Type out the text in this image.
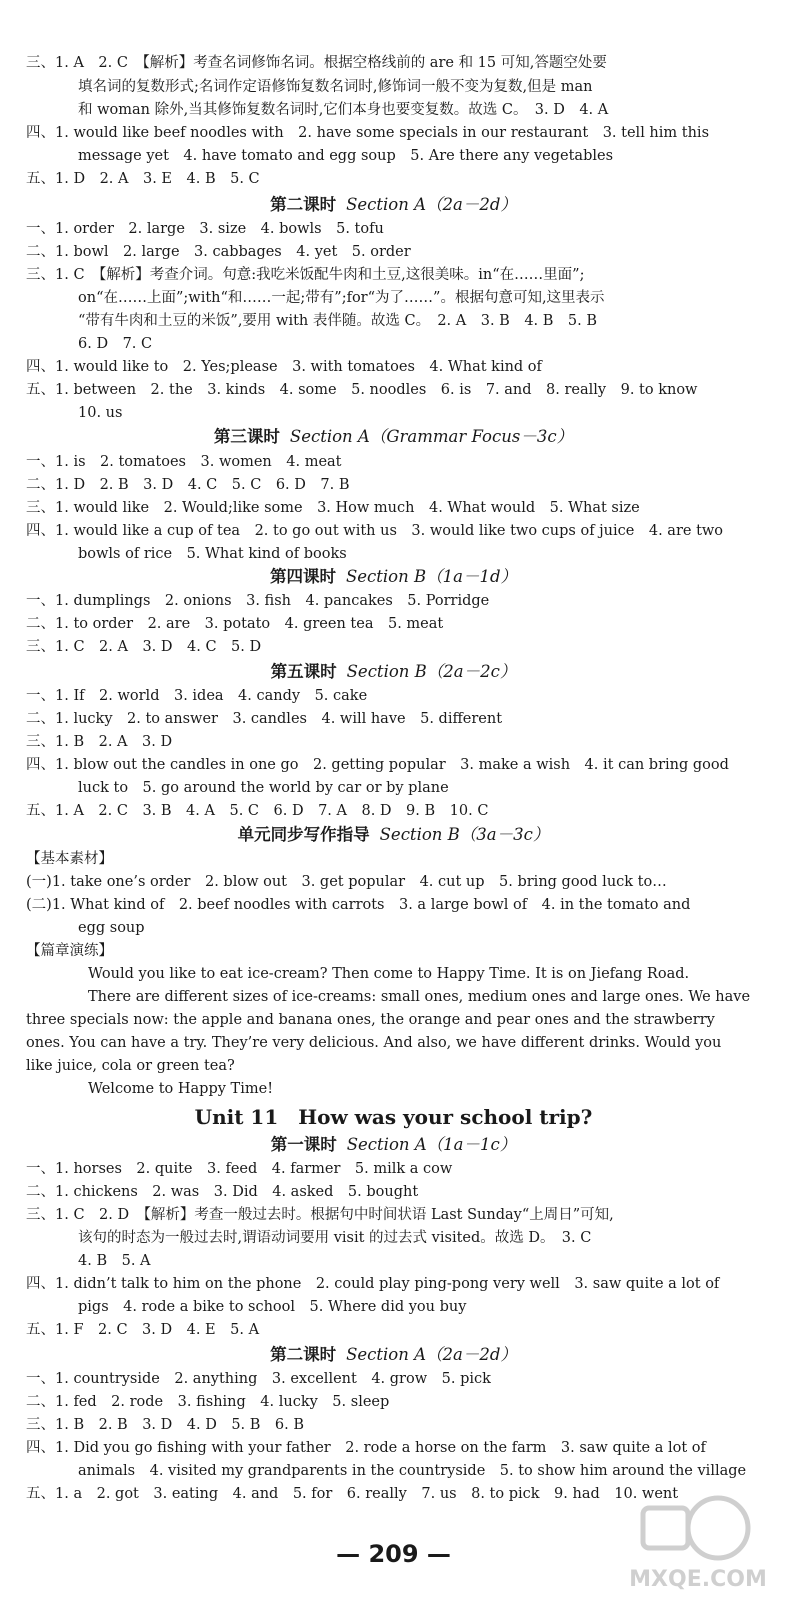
三、1. A　2. C　【解析】考查名词修饰名词。根据空格线前的 are 和 15 可知,答题空处要
填名词的复数形式;名词作定语修饰复数名词时,修饰词一般不变为复数,但是 man
和 woman 除外,当其修饰复数名词时,它们本身也要变复数。故选 C。　3. D　4. A
四、1. would like beef noodles with　2. have some specials in our restaurant　3. tell him this
message yet　4. have tomato and egg soup　5. Are there any vegetables
五、1. D　2. A　3. E　4. B　5. C
第二课时 Section A（2a－2d）
一、1. order　2. large　3. size　4. bowls　5. tofu
二、1. bowl　2. large　3. cabbages　4. yet　5. order
三、1. C　【解析】考查介词。句意:我吃米饭配牛肉和土豆,这很美味。in“在……里面”;
on“在……上面”;with“和……一起;带有”;for“为了……”。根据句意可知,这里表示
“带有牛肉和土豆的米饭”,要用 with 表伴随。故选 C。　2. A　3. B　4. B　5. B
6. D　7. C
四、1. would like to　2. Yes;please　3. with tomatoes　4. What kind of
五、1. between　2. the　3. kinds　4. some　5. noodles　6. is　7. and　8. really　9. to know
10. us
第三课时 Section A（Grammar Focus－3c）
一、1. is　2. tomatoes　3. women　4. meat
二、1. D　2. B　3. D　4. C　5. C　6. D　7. B
三、1. would like　2. Would;like some　3. How much　4. What would　5. What size
四、1. would like a cup of tea　2. to go out with us　3. would like two cups of juice　4. are two
bowls of rice　5. What kind of books
第四课时 Section B（1a－1d）
一、1. dumplings　2. onions　3. fish　4. pancakes　5. Porridge
二、1. to order　2. are　3. potato　4. green tea　5. meat
三、1. C　2. A　3. D　4. C　5. D
第五课时 Section B（2a－2c）
一、1. If　2. world　3. idea　4. candy　5. cake
二、1. lucky　2. to answer　3. candles　4. will have　5. different
三、1. B　2. A　3. D
四、1. blow out the candles in one go　2. getting popular　3. make a wish　4. it can bring good
luck to　5. go around the world by car or by plane
五、1. A　2. C　3. B　4. A　5. C　6. D　7. A　8. D　9. B　10. C
单元同步写作指导 Section B（3a－3c）
【基本素材】
(一)1. take one’s order　2. blow out　3. get popular　4. cut up　5. bring good luck to…
(二)1. What kind of　2. beef noodles with carrots　3. a large bowl of　4. in the tomato and
egg soup
【篇章演练】
Would you like to eat ice-cream? Then come to Happy Time. It is on Jiefang Road.
There are different sizes of ice-creams: small ones, medium ones and large ones. We have
three specials now: the apple and banana ones, the orange and pear ones and the strawberry
ones. You can have a try. They’re very delicious. And also, we have different drinks. Would you
like juice, cola or green tea?
Welcome to Happy Time!
Unit 11　How was your school trip?
第一课时 Section A（1a－1c）
一、1. horses　2. quite　3. feed　4. farmer　5. milk a cow
二、1. chickens　2. was　3. Did　4. asked　5. bought
三、1. C　2. D　【解析】考查一般过去时。根据句中时间状语 Last Sunday“上周日”可知,
该句的时态为一般过去时,谓语动词要用 visit 的过去式 visited。故选 D。　3. C
4. B　5. A
四、1. didn’t talk to him on the phone　2. could play ping-pong very well　3. saw quite a lot of
pigs　4. rode a bike to school　5. Where did you buy
五、1. F　2. C　3. D　4. E　5. A
第二课时 Section A（2a－2d）
一、1. countryside　2. anything　3. excellent　4. grow　5. pick
二、1. fed　2. rode　3. fishing　4. lucky　5. sleep
三、1. B　2. B　3. D　4. D　5. B　6. B
四、1. Did you go fishing with your father　2. rode a horse on the farm　3. saw quite a lot of
animals　4. visited my grandparents in the countryside　5. to show him around the village
五、1. a　2. got　3. eating　4. and　5. for　6. really　7. us　8. to pick　9. had　10. went
— 209 —
MXQE.COM
